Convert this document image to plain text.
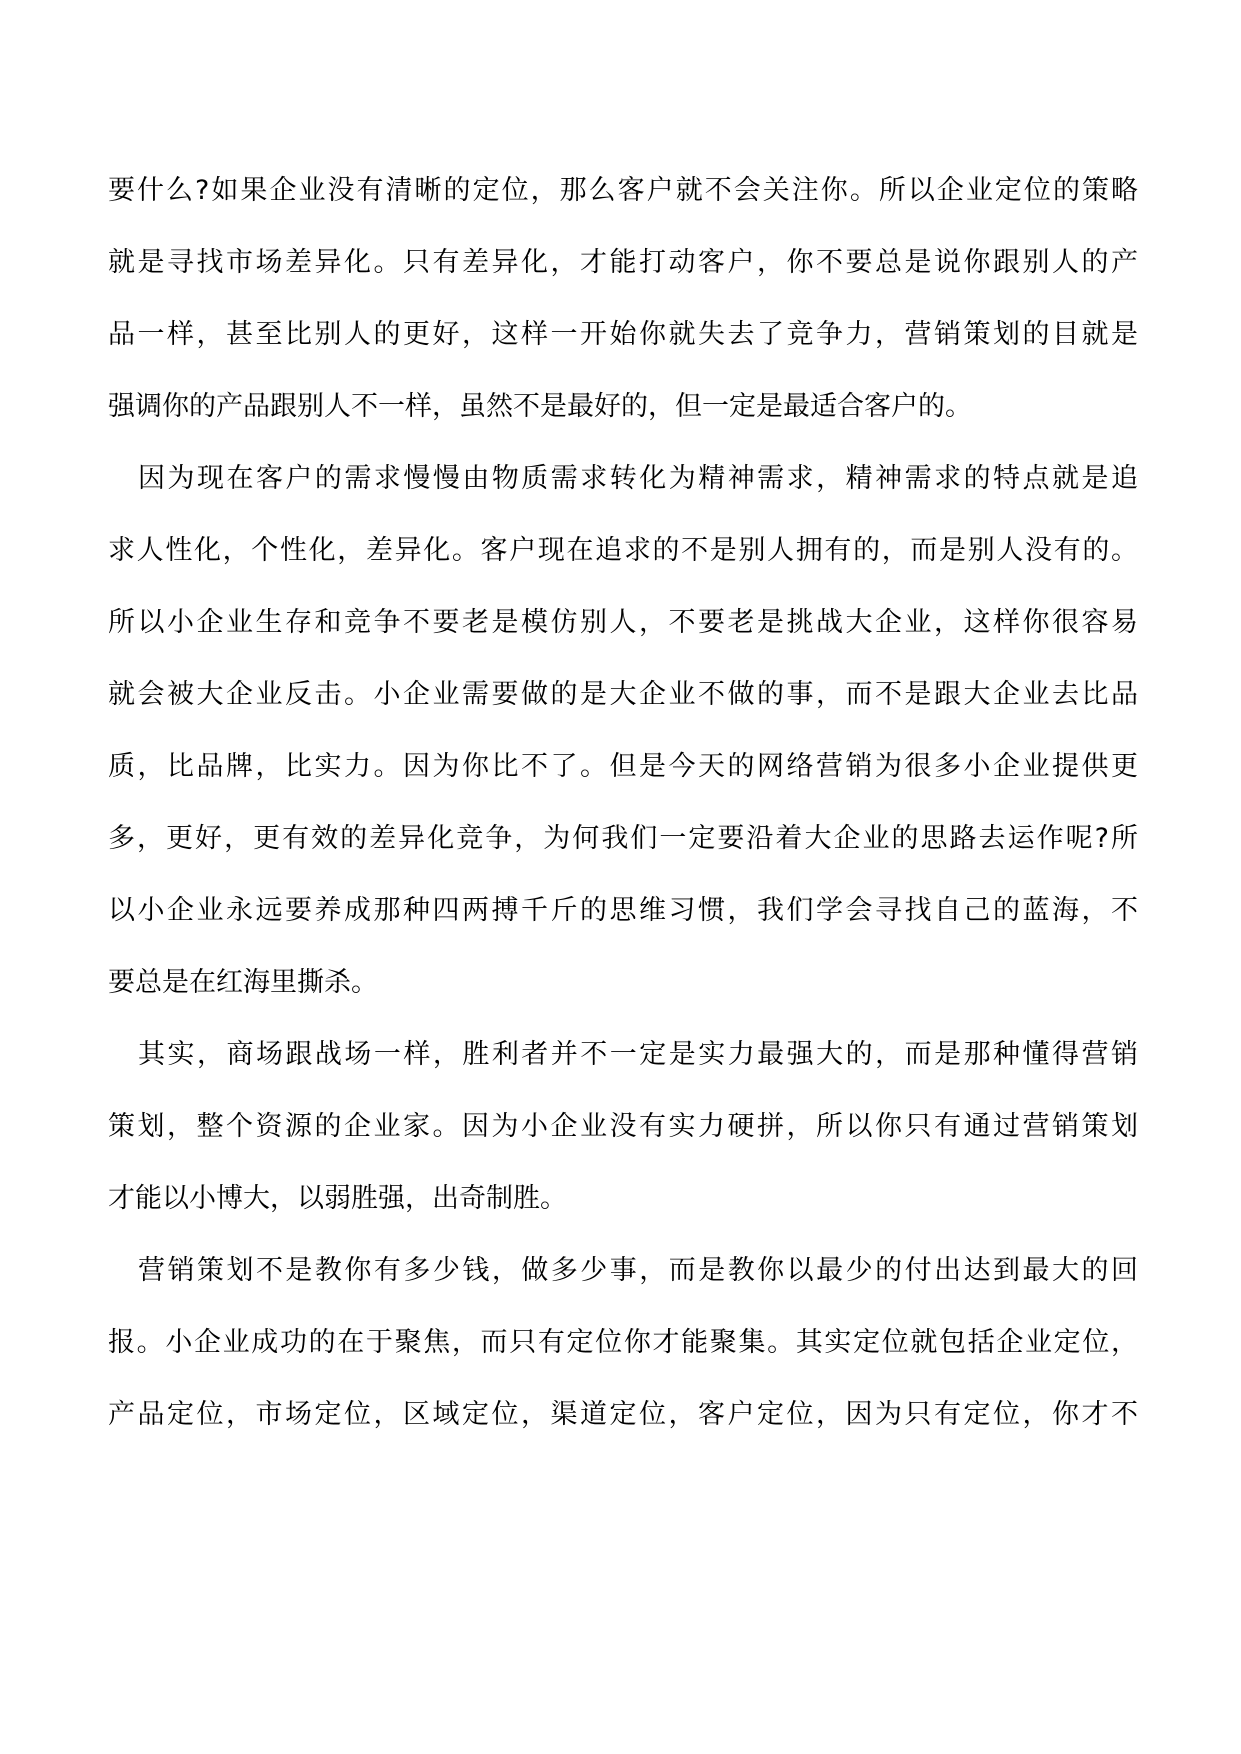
要什么?如果企业没有清晰的定位，那么客户就不会关注你。所以企业定位的策略
就是寻找市场差异化。只有差异化，才能打动客户，你不要总是说你跟别人的产
品一样，甚至比别人的更好，这样一开始你就失去了竞争力，营销策划的目就是
强调你的产品跟别人不一样，虽然不是最好的，但一定是最适合客户的。
因为现在客户的需求慢慢由物质需求转化为精神需求，精神需求的特点就是追
求人性化，个性化，差异化。客户现在追求的不是别人拥有的，而是别人没有的。
所以小企业生存和竞争不要老是模仿别人，不要老是挑战大企业，这样你很容易
就会被大企业反击。小企业需要做的是大企业不做的事，而不是跟大企业去比品
质，比品牌，比实力。因为你比不了。但是今天的网络营销为很多小企业提供更
多，更好，更有效的差异化竞争，为何我们一定要沿着大企业的思路去运作呢?所
以小企业永远要养成那种四两搏千斤的思维习惯，我们学会寻找自己的蓝海，不
要总是在红海里撕杀。
其实，商场跟战场一样，胜利者并不一定是实力最强大的，而是那种懂得营销
策划，整个资源的企业家。因为小企业没有实力硬拼，所以你只有通过营销策划
才能以小博大，以弱胜强，出奇制胜。
营销策划不是教你有多少钱，做多少事，而是教你以最少的付出达到最大的回
报。小企业成功的在于聚焦，而只有定位你才能聚集。其实定位就包括企业定位，
产品定位，市场定位，区域定位，渠道定位，客户定位，因为只有定位，你才不
